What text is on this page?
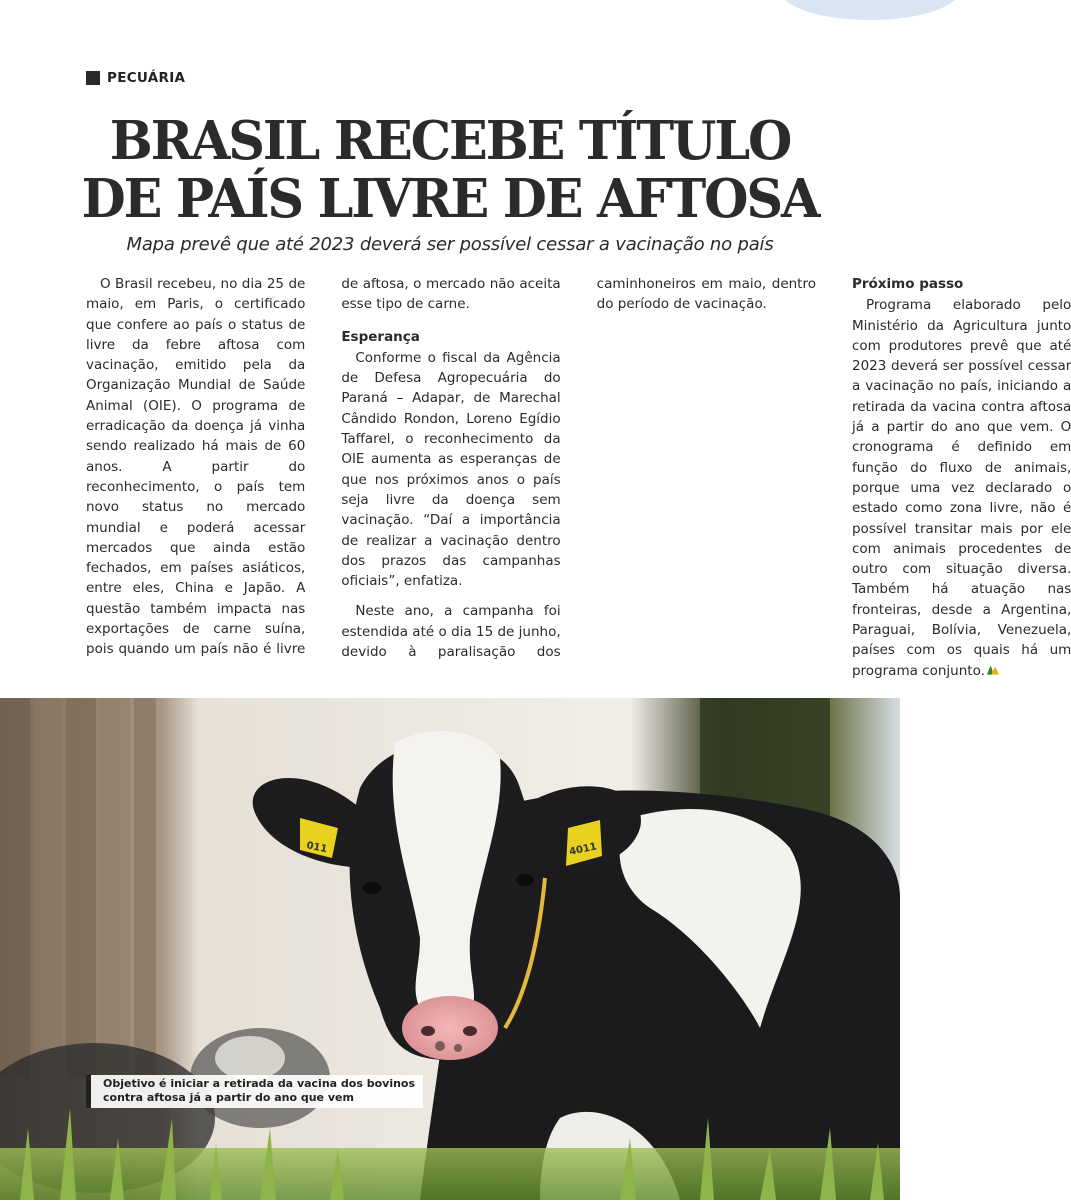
PECUÁRIA
BRASIL RECEBE TÍTULO
DE PAÍS LIVRE DE AFTOSA

Mapa prevê que até 2023 deverá ser possível cessar a vacinação no país

O Brasil recebeu, no dia 25 de maio, em Paris, o certificado que confere ao país o status de livre da febre aftosa com vacinação, emitido pela da Organização Mundial de Saúde Animal (OIE). O programa de erradicação da doença já vinha sendo realizado há mais de 60 anos. A partir do reconhecimento, o país tem novo status no mercado mundial e poderá acessar mercados que ainda estão fechados, em países asiáticos, entre eles, China e Japão. A questão também impacta nas exportações de carne suína, pois quando um país não é livre de aftosa, o mercado não aceita esse tipo de carne.

Esperança

Conforme o fiscal da Agência de Defesa Agropecuária do Paraná – Adapar, de Marechal Cândido Rondon, Loreno Egídio Taffarel, o reconhecimento da OIE aumenta as esperanças de que nos próximos anos o país seja livre da doença sem vacinação. “Daí a importância de realizar a vacinação dentro dos prazos das campanhas oficiais”, enfatiza.

Neste ano, a campanha foi estendida até o dia 15 de junho, devido à paralisação dos caminhoneiros em maio, dentro do período de vacinação.

Próximo passo

Programa elaborado pelo Ministério da Agricultura junto com produtores prevê que até 2023 deverá ser possível cessar a vacinação no país, iniciando a retirada da vacina contra aftosa já a partir do ano que vem. O cronograma é definido em função do fluxo de animais, porque uma vez declarado o estado como zona livre, não é possível transitar mais por ele com animais procedentes de outro com situação diversa. Também há atuação nas fronteiras, desde a Argentina, Paraguai, Bolívia, Venezuela, países com os quais há um programa conjunto.

011	4011
Objetivo é iniciar a retirada da vacina dos bovinos
contra aftosa já a partir do ano que vem
